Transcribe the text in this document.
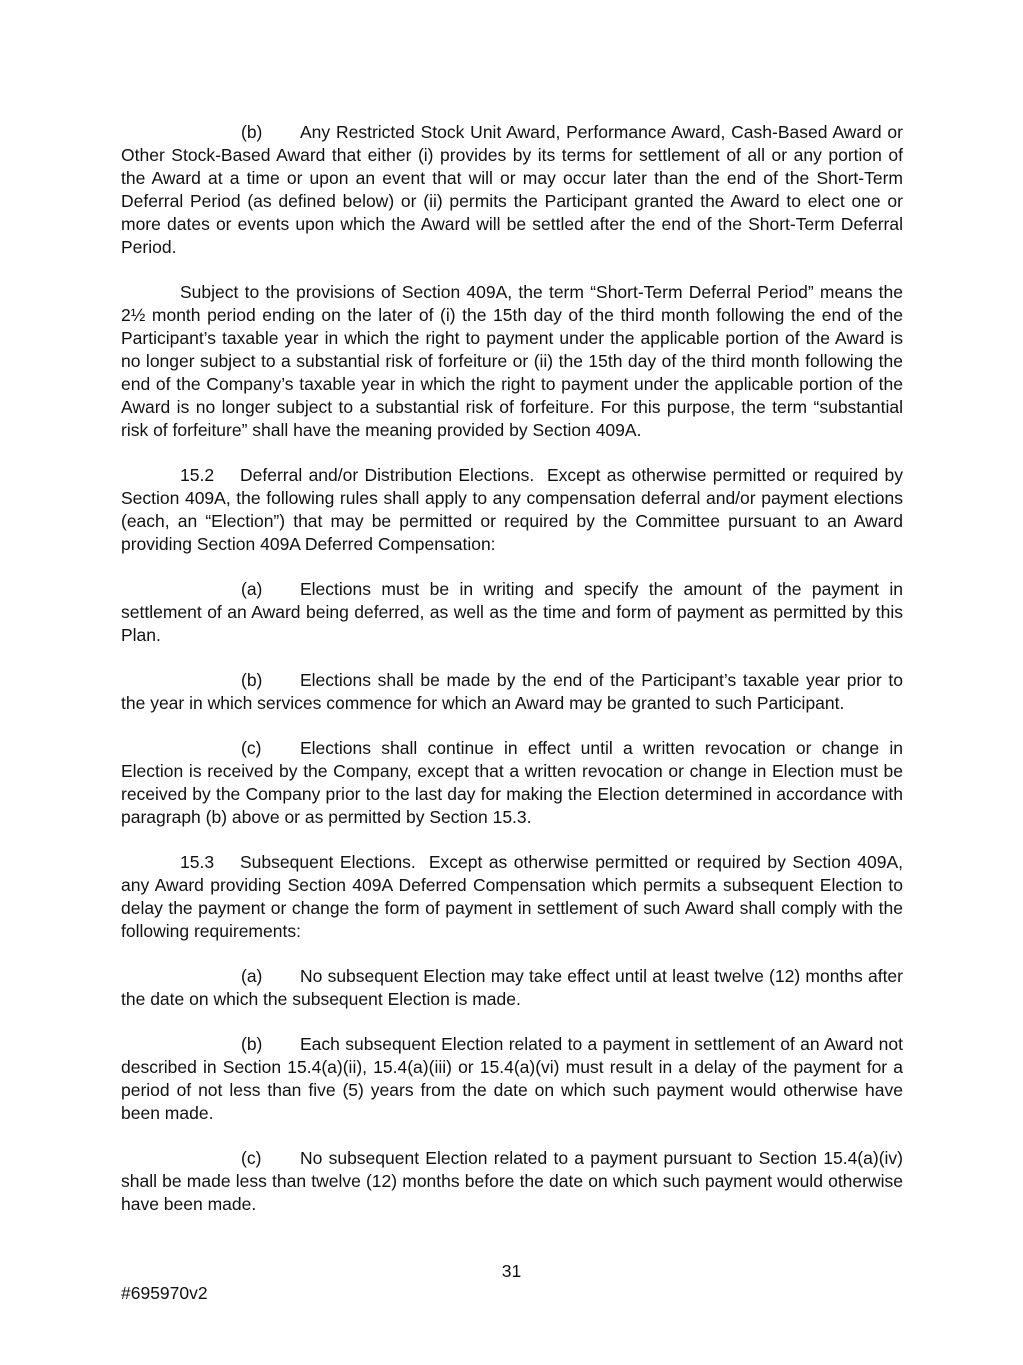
(b) Any Restricted Stock Unit Award, Performance Award, Cash-Based Award or Other Stock-Based Award that either (i) provides by its terms for settlement of all or any portion of the Award at a time or upon an event that will or may occur later than the end of the Short-Term Deferral Period (as defined below) or (ii) permits the Participant granted the Award to elect one or more dates or events upon which the Award will be settled after the end of the Short-Term Deferral Period.

Subject to the provisions of Section 409A, the term “Short-Term Deferral Period” means the 2½ month period ending on the later of (i) the 15th day of the third month following the end of the Participant’s taxable year in which the right to payment under the applicable portion of the Award is no longer subject to a substantial risk of forfeiture or (ii) the 15th day of the third month following the end of the Company’s taxable year in which the right to payment under the applicable portion of the Award is no longer subject to a substantial risk of forfeiture. For this purpose, the term “substantial risk of forfeiture” shall have the meaning provided by Section 409A.

15.2 Deferral and/or Distribution Elections. Except as otherwise permitted or required by Section 409A, the following rules shall apply to any compensation deferral and/or payment elections (each, an “Election”) that may be permitted or required by the Committee pursuant to an Award providing Section 409A Deferred Compensation:

(a) Elections must be in writing and specify the amount of the payment in settlement of an Award being deferred, as well as the time and form of payment as permitted by this Plan.

(b) Elections shall be made by the end of the Participant’s taxable year prior to the year in which services commence for which an Award may be granted to such Participant.

(c) Elections shall continue in effect until a written revocation or change in Election is received by the Company, except that a written revocation or change in Election must be received by the Company prior to the last day for making the Election determined in accordance with paragraph (b) above or as permitted by Section 15.3.

15.3 Subsequent Elections. Except as otherwise permitted or required by Section 409A, any Award providing Section 409A Deferred Compensation which permits a subsequent Election to delay the payment or change the form of payment in settlement of such Award shall comply with the following requirements:

(a) No subsequent Election may take effect until at least twelve (12) months after the date on which the subsequent Election is made.

(b) Each subsequent Election related to a payment in settlement of an Award not described in Section 15.4(a)(ii), 15.4(a)(iii) or 15.4(a)(vi) must result in a delay of the payment for a period of not less than five (5) years from the date on which such payment would otherwise have been made.

(c) No subsequent Election related to a payment pursuant to Section 15.4(a)(iv) shall be made less than twelve (12) months before the date on which such payment would otherwise have been made.

31
#695970v2
